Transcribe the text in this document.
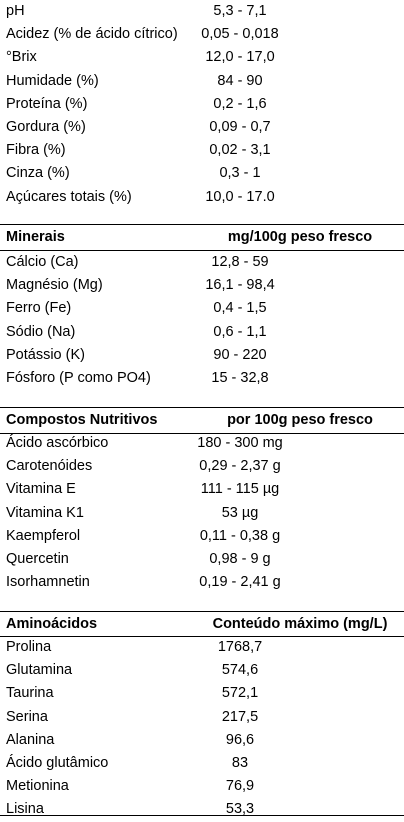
pH	5,3 - 7,1
Acidez (% de ácido cítrico)	0,05 - 0,018
°Brix	12,0 - 17,0
Humidade (%)	84 - 90
Proteína (%)	0,2 - 1,6
Gordura (%)	0,09 - 0,7
Fibra (%)	0,02 - 3,1
Cinza (%)	0,3 - 1
Açúcares totais (%)	10,0 - 17.0
Minerais	mg/100g peso fresco
Cálcio (Ca)	12,8 - 59
Magnésio (Mg)	16,1 - 98,4
Ferro (Fe)	0,4 - 1,5
Sódio (Na)	0,6 - 1,1
Potássio (K)	90 - 220
Fósforo (P como PO4)	15 - 32,8
Compostos Nutritivos	por 100g peso fresco
Ácido ascórbico	180 - 300 mg
Carotenóides	0,29 - 2,37 g
Vitamina E	111 - 115 µg
Vitamina K1	53 µg
Kaempferol	0,11 - 0,38 g
Quercetin	0,98 - 9 g
Isorhamnetin	0,19 - 2,41 g
Aminoácidos	Conteúdo máximo (mg/L)
Prolina	1768,7
Glutamina	574,6
Taurina	572,1
Serina	217,5
Alanina	96,6
Ácido glutâmico	83
Metionina	76,9
Lisina	53,3
